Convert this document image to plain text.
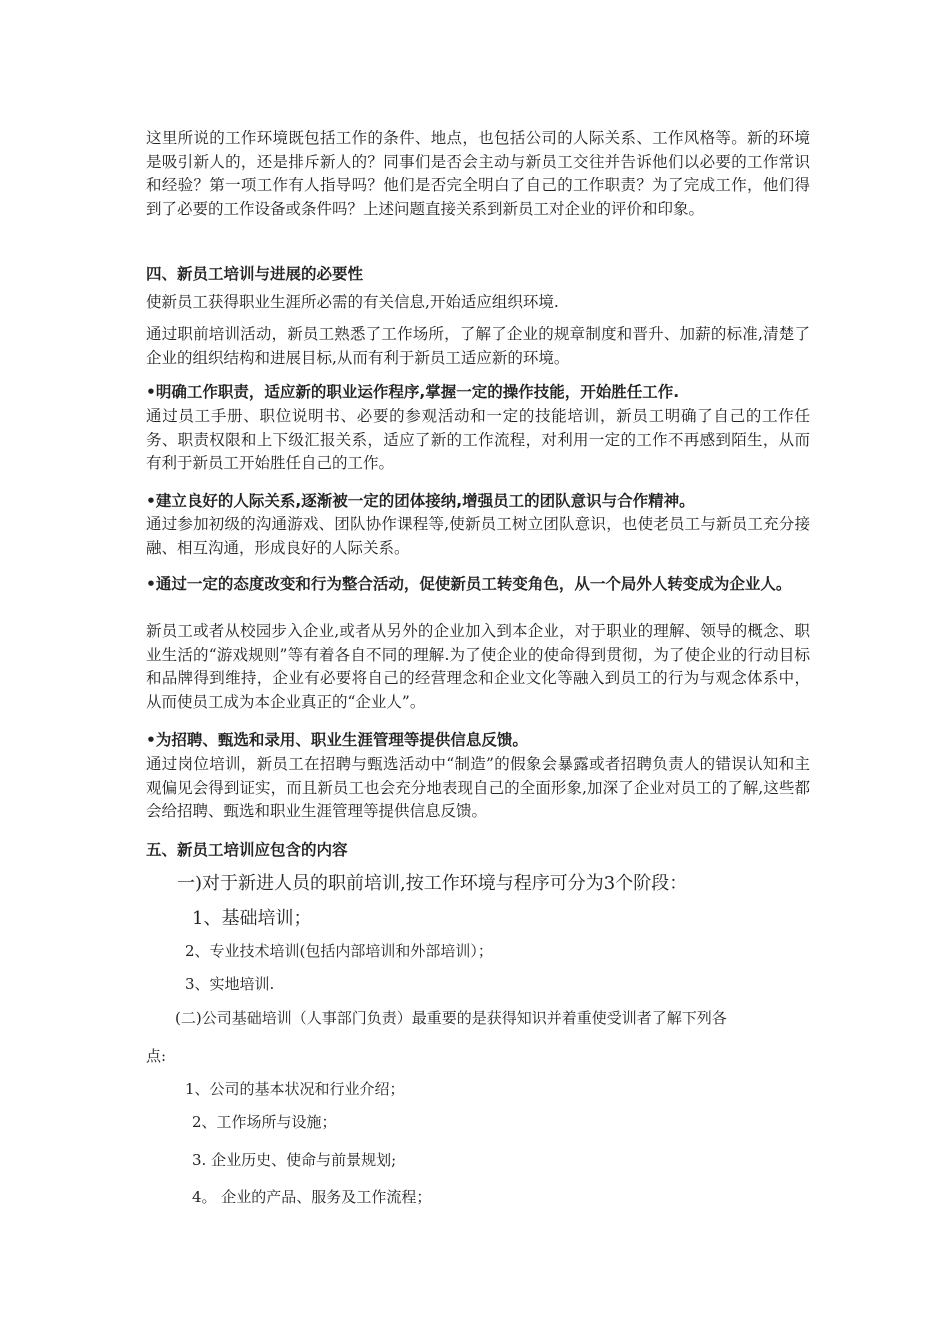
这里所说的工作环境既包括工作的条件、地点，也包括公司的人际关系、工作风格等。新的环境是吸引新人的，还是排斥新人的？同事们是否会主动与新员工交往并告诉他们以必要的工作常识和经验？第一项工作有人指导吗？他们是否完全明白了自己的工作职责？为了完成工作，他们得到了必要的工作设备或条件吗？上述问题直接关系到新员工对企业的评价和印象。

四、新员工培训与进展的必要性

使新员工获得职业生涯所必需的有关信息,开始适应组织环境.

通过职前培训活动，新员工熟悉了工作场所，了解了企业的规章制度和晋升、加薪的标准,清楚了企业的组织结构和进展目标,从而有利于新员工适应新的环境。

•明确工作职责，适应新的职业运作程序,掌握一定的操作技能，开始胜任工作.

通过员工手册、职位说明书、必要的参观活动和一定的技能培训，新员工明确了自己的工作任务、职责权限和上下级汇报关系，适应了新的工作流程，对利用一定的工作不再感到陌生，从而有利于新员工开始胜任自己的工作。

•建立良好的人际关系,逐渐被一定的团体接纳,增强员工的团队意识与合作精神。

通过参加初级的沟通游戏、团队协作课程等,使新员工树立团队意识，也使老员工与新员工充分接融、相互沟通，形成良好的人际关系。

•通过一定的态度改变和行为整合活动，促使新员工转变角色，从一个局外人转变成为企业人。

新员工或者从校园步入企业,或者从另外的企业加入到本企业，对于职业的理解、领导的概念、职业生活的“游戏规则”等有着各自不同的理解.为了使企业的使命得到贯彻，为了使企业的行动目标和品牌得到维持，企业有必要将自己的经营理念和企业文化等融入到员工的行为与观念体系中，从而使员工成为本企业真正的“企业人”。

•为招聘、甄选和录用、职业生涯管理等提供信息反馈。

通过岗位培训，新员工在招聘与甄选活动中“制造”的假象会暴露或者招聘负责人的错误认知和主观偏见会得到证实，而且新员工也会充分地表现自己的全面形象,加深了企业对员工的了解,这些都会给招聘、甄选和职业生涯管理等提供信息反馈。

五、新员工培训应包含的内容

一)对于新进人员的职前培训,按工作环境与程序可分为3个阶段：

1、基础培训；

2、专业技术培训(包括内部培训和外部培训）；

3、实地培训.

(二)公司基础培训（人事部门负责）最重要的是获得知识并着重使受训者了解下列各

点:

1、公司的基本状况和行业介绍；

2、工作场所与设施；

3. 企业历史、使命与前景规划;

4。 企业的产品、服务及工作流程；
